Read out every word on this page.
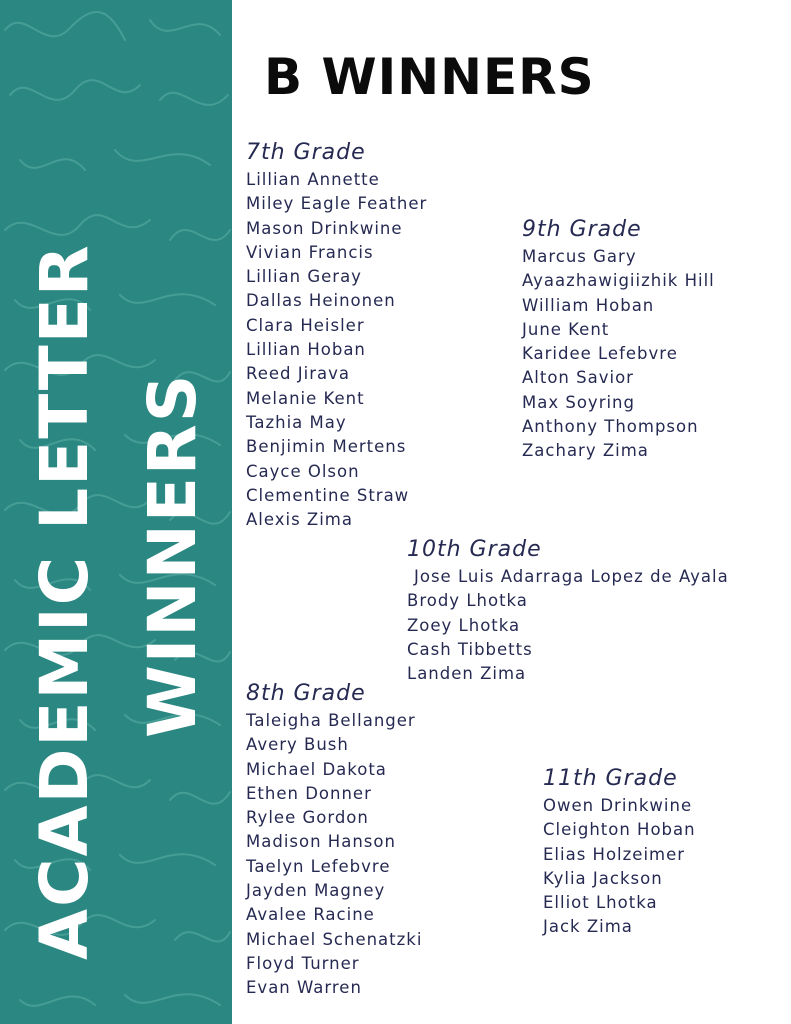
ACADEMIC LETTER WINNERS
B WINNERS
7th Grade
Lillian Annette
Miley Eagle Feather
Mason Drinkwine
Vivian Francis
Lillian Geray
Dallas Heinonen
Clara Heisler
Lillian Hoban
Reed Jirava
Melanie Kent
Tazhia May
Benjimin Mertens
Cayce Olson
Clementine Straw
Alexis Zima
9th Grade
Marcus Gary
Ayaazhawigiizhik Hill
William Hoban
June Kent
Karidee Lefebvre
Alton Savior
Max Soyring
Anthony Thompson
Zachary Zima
10th Grade
Jose Luis Adarraga Lopez de Ayala
Brody Lhotka
Zoey Lhotka
Cash Tibbetts
Landen Zima
8th Grade
Taleigha Bellanger
Avery Bush
Michael Dakota
Ethen Donner
Rylee Gordon
Madison Hanson
Taelyn Lefebvre
Jayden Magney
Avalee Racine
Michael Schenatzki
Floyd Turner
Evan Warren
11th Grade
Owen Drinkwine
Cleighton Hoban
Elias Holzeimer
Kylia Jackson
Elliot Lhotka
Jack Zima
